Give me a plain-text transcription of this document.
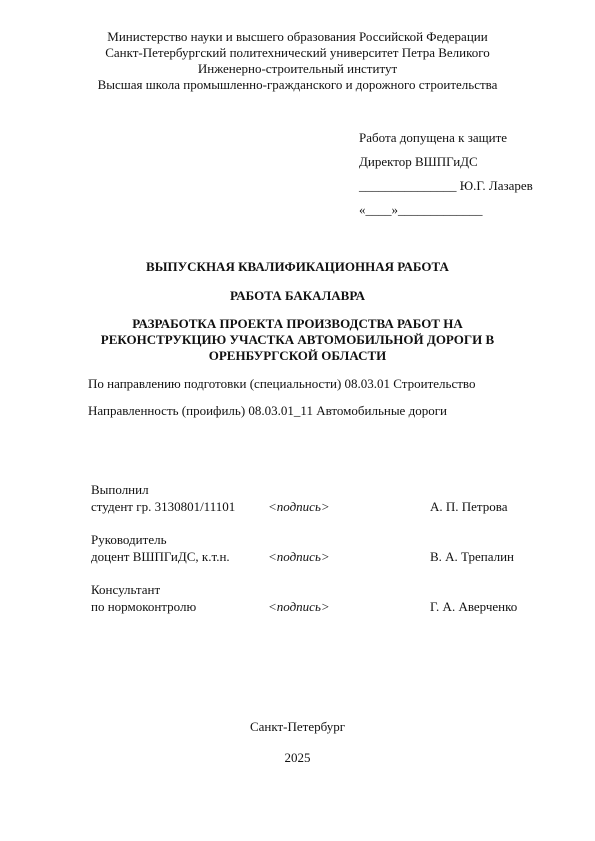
Министерство науки и высшего образования Российской Федерации
Санкт-Петербургский политехнический университет Петра Великого
Инженерно-строительный институт
Высшая школа промышленно-гражданского и дорожного строительства
Работа допущена к защите
Директор ВШПГиДС
_______________ Ю.Г. Лазарев
«____»_____________
ВЫПУСКНАЯ КВАЛИФИКАЦИОННАЯ РАБОТА
РАБОТА БАКАЛАВРА
РАЗРАБОТКА ПРОЕКТА ПРОИЗВОДСТВА РАБОТ НА
РЕКОНСТРУКЦИЮ УЧАСТКА АВТОМОБИЛЬНОЙ ДОРОГИ В
ОРЕНБУРГСКОЙ ОБЛАСТИ
По направлению подготовки (специальности) 08.03.01 Строительство
Направленность (проифиль) 08.03.01_11 Автомобильные дороги
Выполнил
студент гр. 3130801/11101	<подпись>	А. П. Петрова
Руководитель
доцент ВШПГиДС, к.т.н.	<подпись>	В. А. Трепалин
Консультант
по нормоконтролю	<подпись>	Г. А. Аверченко
Санкт-Петербург
2025
